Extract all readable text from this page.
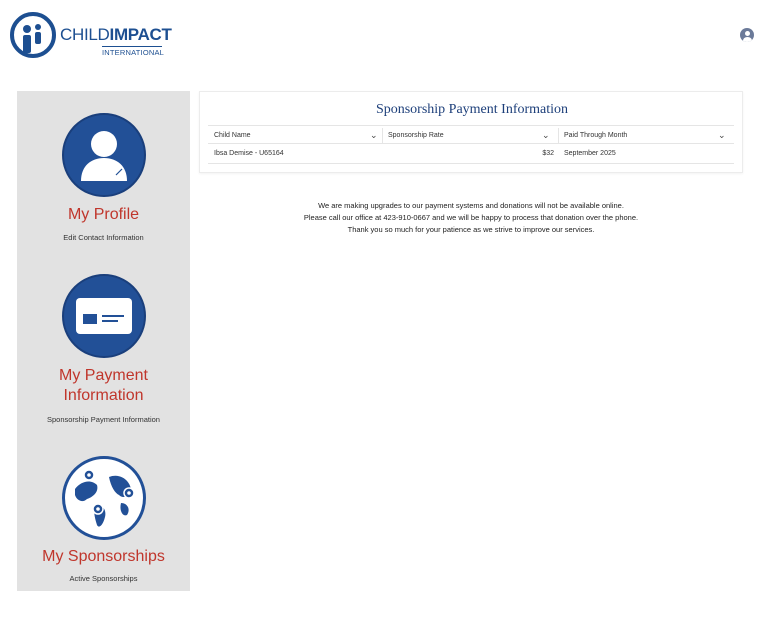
CHILDIMPACT
INTERNATIONAL
My Profile
Edit Contact Information
My Payment Information
Sponsorship Payment Information
My Sponsorships
Active Sponsorships
Sponsorship Payment Information
Child Name	⌄ Sponsorship Rate	⌄ Paid Through Month	⌄
Ibsa Demise - U65164	$32 September 2025
We are making upgrades to our payment systems and donations will not be available online.
Please call our office at 423-910-0667 and we will be happy to process that donation over the phone.
Thank you so much for your patience as we strive to improve our services.
